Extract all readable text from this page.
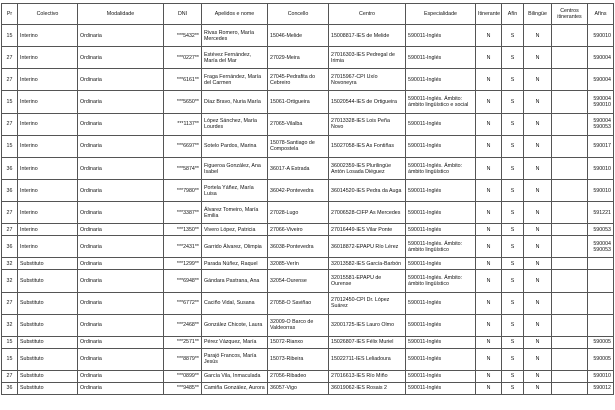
Pr	Colectivo	Modalidade	DNI	Apelidos e nome	Concello	Centro	Especialidade	Itinerante	Afín	Bilingüe	Centros itinerantes	Afíns
15	Interino	Ordinaria	***5432**	Rivas Romero, María Mercedes	15046-Melide	15008817-IES de Melide	590011-Inglés	N	S	N		590010
27	Interino	Ordinaria	***0227**	Estévez Fernández, María del Mar	27029-Meira	27016303-IES Pedregal de Irimia	590011-Inglés	N	S	N		590004
27	Interino	Ordinaria	***6161**	Fraga Fernández, María del Carmen	27045-Pedrafita do Cebreiro	27015967-CPI Uxío Novoneyra	590011-Inglés	N	S	N		590004
15	Interino	Ordinaria	***5650**	Díaz Bravo, Nuria María	15061-Ortigueira	15020544-IES de Ortigueira	590011-Inglés. Ámbito: ámbito lingüístico e social	N	S	N		590004
590010
27	Interino	Ordinaria	***1137**	López Sánchez, María Lourdes	27065-Vilalba	27013328-IES Lois Peña Novo	590011-Inglés	N	S	N		590004
590053
15	Interino	Ordinaria	***6697**	Sotelo Pardos, Marina	15078-Santiago de Compostela	15027058-IES As Fontiñas	590011-Inglés	N	S	N		590017
36	Interino	Ordinaria	***5874**	Figueroa González, Ana Isabel	36017-A Estrada	36002359-IES Plurilingüe Antón Losada Diéguez	590011-Inglés. Ámbito: ámbito lingüístico	N	S	N		590010
36	Interino	Ordinaria	***7980**	Portela Yáñez, María Luisa	36042-Pontevedra	36014520-IES Pedra da Auga	590011-Inglés	N	S	N		590010
27	Interino	Ordinaria	***3387**	Álvarez Tomeiro, María Emilia	27028-Lugo	27006528-CIFP As Mercedes	590011-Inglés	N	S	N		591221
27	Interino	Ordinaria	***1350**	Vivero López, Patricia	27066-Viveiro	27016449-IES Vilar Ponte	590011-Inglés	N	S	N		590053
36	Interino	Ordinaria	***2431**	Garrido Álvarez, Olimpia	36038-Pontevedra	36018872-EPAPU Río Lérez	590011-Inglés. Ámbito: ámbito lingüístico	N	S	N		590004
590053
32	Substituto	Ordinaria	***1299**	Parada Núñez, Raquel	32085-Verín	32013582-IES García-Barbón	590011-Inglés	N	S	N		
32	Substituto	Ordinaria	***6948**	Gándara Pastrana, Ana	32054-Ourense	32015581-EPAPU de Ourense	590011-Inglés. Ámbito: ámbito lingüístico	N	S	N		
27	Substituto	Ordinaria	***6772**	Caciño Vidal, Susana	27058-O Saviñao	27012450-CPI Dr. López Suárez	590011-Inglés	N	S	N		
32	Substituto	Ordinaria	***2468**	González Chicote, Laura	32009-O Barco de Valdeorras	32001725-IES Lauro Olmo	590011-Inglés	N	S	N		
15	Substituto	Ordinaria	***2571**	Pérez Vázquez, María	15072-Rianxo	15026807-IES Félix Muriel	590011-Inglés	N	S	N		590005
15	Substituto	Ordinaria	***8879**	Parajó Francos, María Jesús	15073-Ribeira	15022711-IES Leliadoura	590011-Inglés	N	S	N		590005
27	Substituto	Ordinaria	***0899**	García Vila, Inmaculada	27056-Ribadeo	27016613-IES Río Miño	590011-Inglés	N	S	N		590010
36	Substituto	Ordinaria	***9485**	Camiña González, Aurora	36057-Vigo	36019062-IES Rosais 2	590011-Inglés	N	S	N		590012
